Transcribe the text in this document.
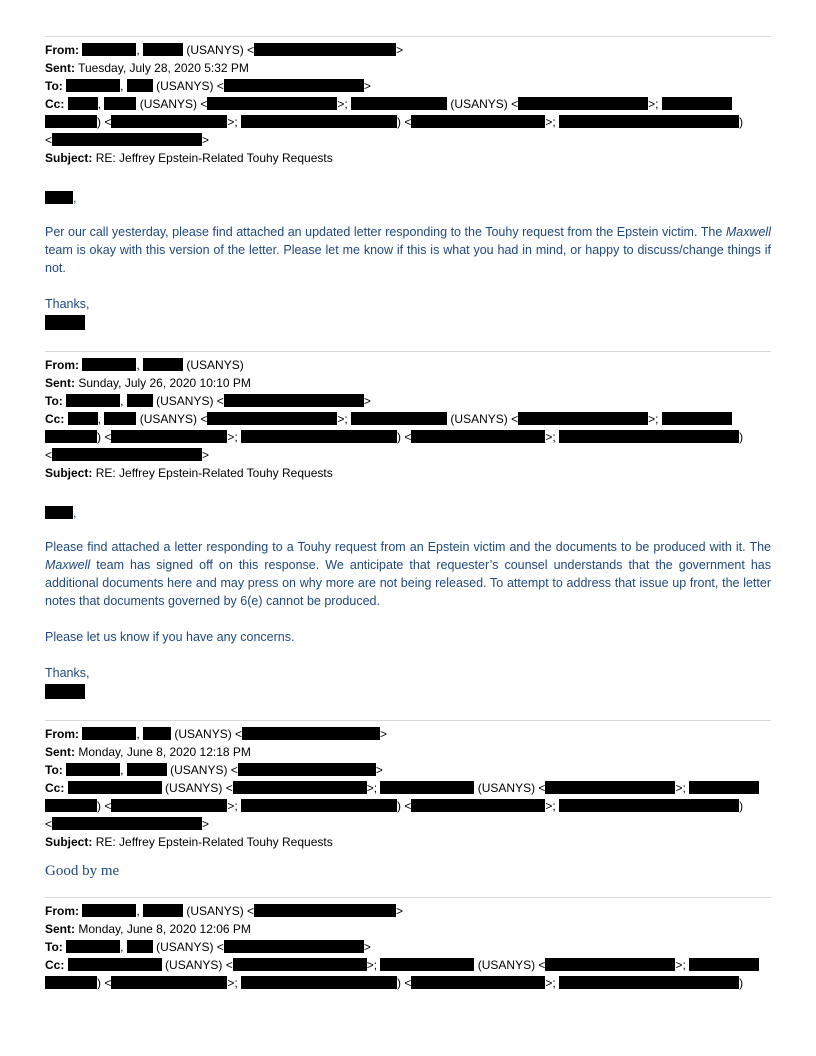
From:	,	(USANYS) <	>
Sent: Tuesday, July 28, 2020 5:32 PM
To:	,  (USANYS) <	>
Cc:	,	(USANYS) <	>;	(USANYS) <	>;
) <	>;	) <	>;	)
<	>
Subject: RE: Jeffrey Epstein-Related Touhy Requests
,
Per our call yesterday, please find attached an updated letter responding to the Touhy request from the Epstein victim. The Maxwell team is okay with this version of the letter. Please let me know if this is what you had in mind, or happy to discuss/change things if not.
Thanks,
From:	,	(USANYS)
Sent: Sunday, July 26, 2020 10:10 PM
To:	,  (USANYS) <	>
Cc:	,	(USANYS) <	>;	(USANYS) <	>;
) <	>;	) <	>;	)
<	>
Subject: RE: Jeffrey Epstein-Related Touhy Requests
,
Please find attached a letter responding to a Touhy request from an Epstein victim and the documents to be produced with it. The Maxwell team has signed off on this response. We anticipate that requester’s counsel understands that the government has additional documents here and may press on why more are not being released. To attempt to address that issue up front, the letter notes that documents governed by 6(e) cannot be produced.
Please let us know if you have any concerns.
Thanks,
From:	,	(USANYS) <	>
Sent: Monday, June 8, 2020 12:18 PM
To:	,	(USANYS) <	>
Cc:	(USANYS) <	>;	(USANYS) <	>;
) <	>;	) <	>;	)
<	>
Subject: RE: Jeffrey Epstein-Related Touhy Requests
Good by me
From:	,	(USANYS) <	>
Sent: Monday, June 8, 2020 12:06 PM
To:	,  (USANYS) <	>
Cc:	(USANYS) <	>;	(USANYS) <	>;
) <	>;	) <	>;	)
